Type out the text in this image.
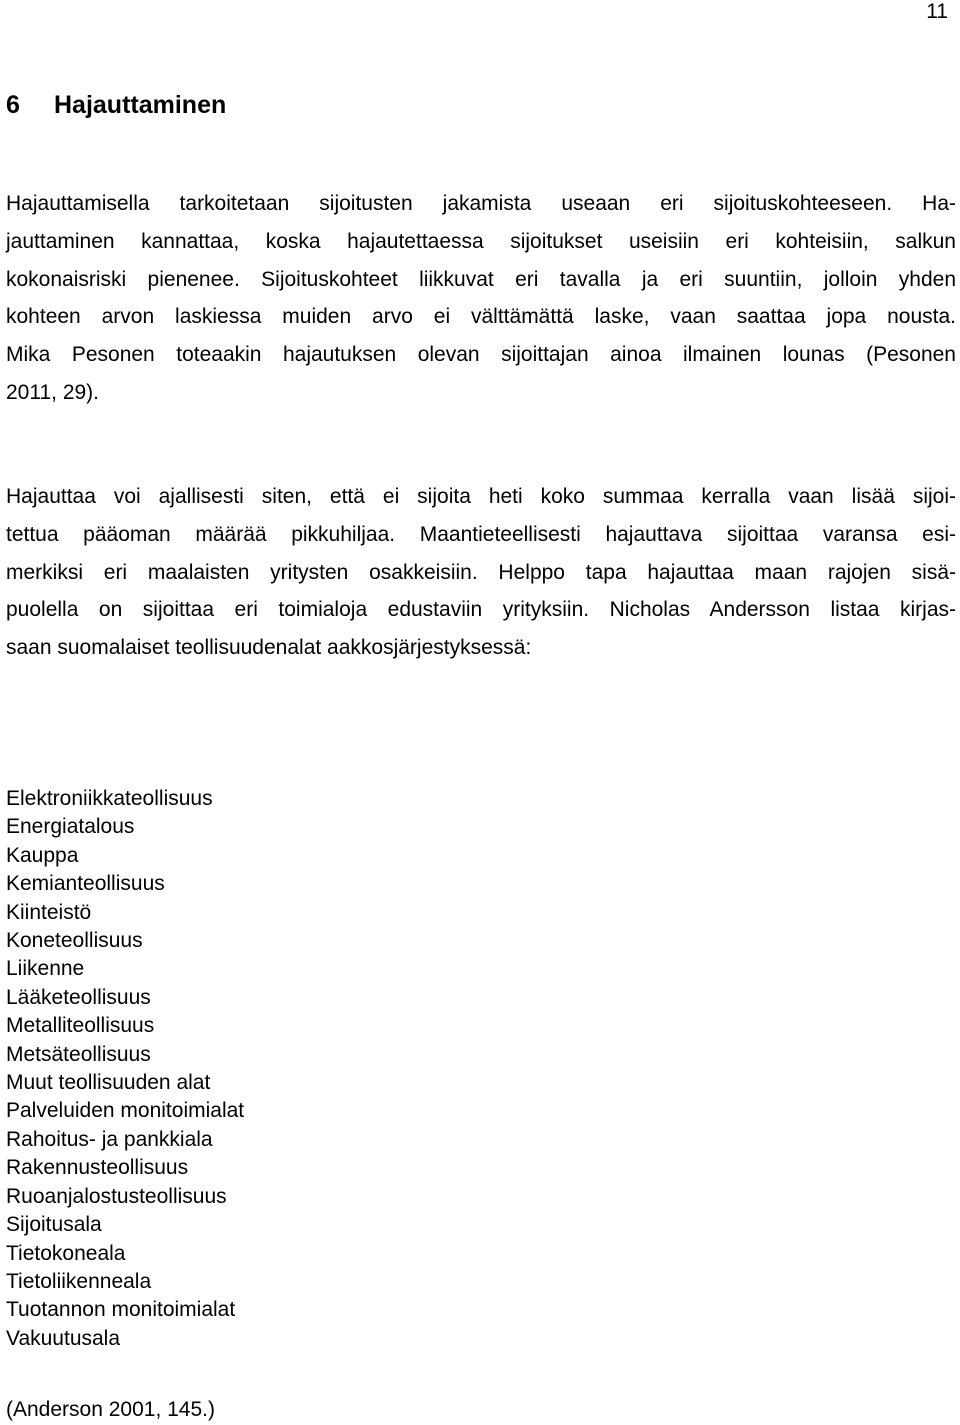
11
6 Hajauttaminen

Hajauttamisella tarkoitetaan sijoitusten jakamista useaan eri sijoituskohteeseen. Ha-
jauttaminen kannattaa, koska hajautettaessa sijoitukset useisiin eri kohteisiin, salkun
kokonaisriski pienenee. Sijoituskohteet liikkuvat eri tavalla ja eri suuntiin, jolloin yhden
kohteen arvon laskiessa muiden arvo ei välttämättä laske, vaan saattaa jopa nousta.
Mika Pesonen toteaakin hajautuksen olevan sijoittajan ainoa ilmainen lounas (Pesonen
2011, 29).

Hajauttaa voi ajallisesti siten, että ei sijoita heti koko summaa kerralla vaan lisää sijoi-
tettua pääoman määrää pikkuhiljaa. Maantieteellisesti hajauttava sijoittaa varansa esi-
merkiksi eri maalaisten yritysten osakkeisiin. Helppo tapa hajauttaa maan rajojen sisä-
puolella on sijoittaa eri toimialoja edustaviin yrityksiin. Nicholas Andersson listaa kirjas-
saan suomalaiset teollisuudenalat aakkosjärjestyksessä:

Elektroniikkateollisuus
Energiatalous
Kauppa
Kemianteollisuus
Kiinteistö
Koneteollisuus
Liikenne
Lääketeollisuus
Metalliteollisuus
Metsäteollisuus
Muut teollisuuden alat
Palveluiden monitoimialat
Rahoitus- ja pankkiala
Rakennusteollisuus
Ruoanjalostusteollisuus
Sijoitusala
Tietokoneala
Tietoliikenneala
Tuotannon monitoimialat
Vakuutusala

(Anderson 2001, 145.)
